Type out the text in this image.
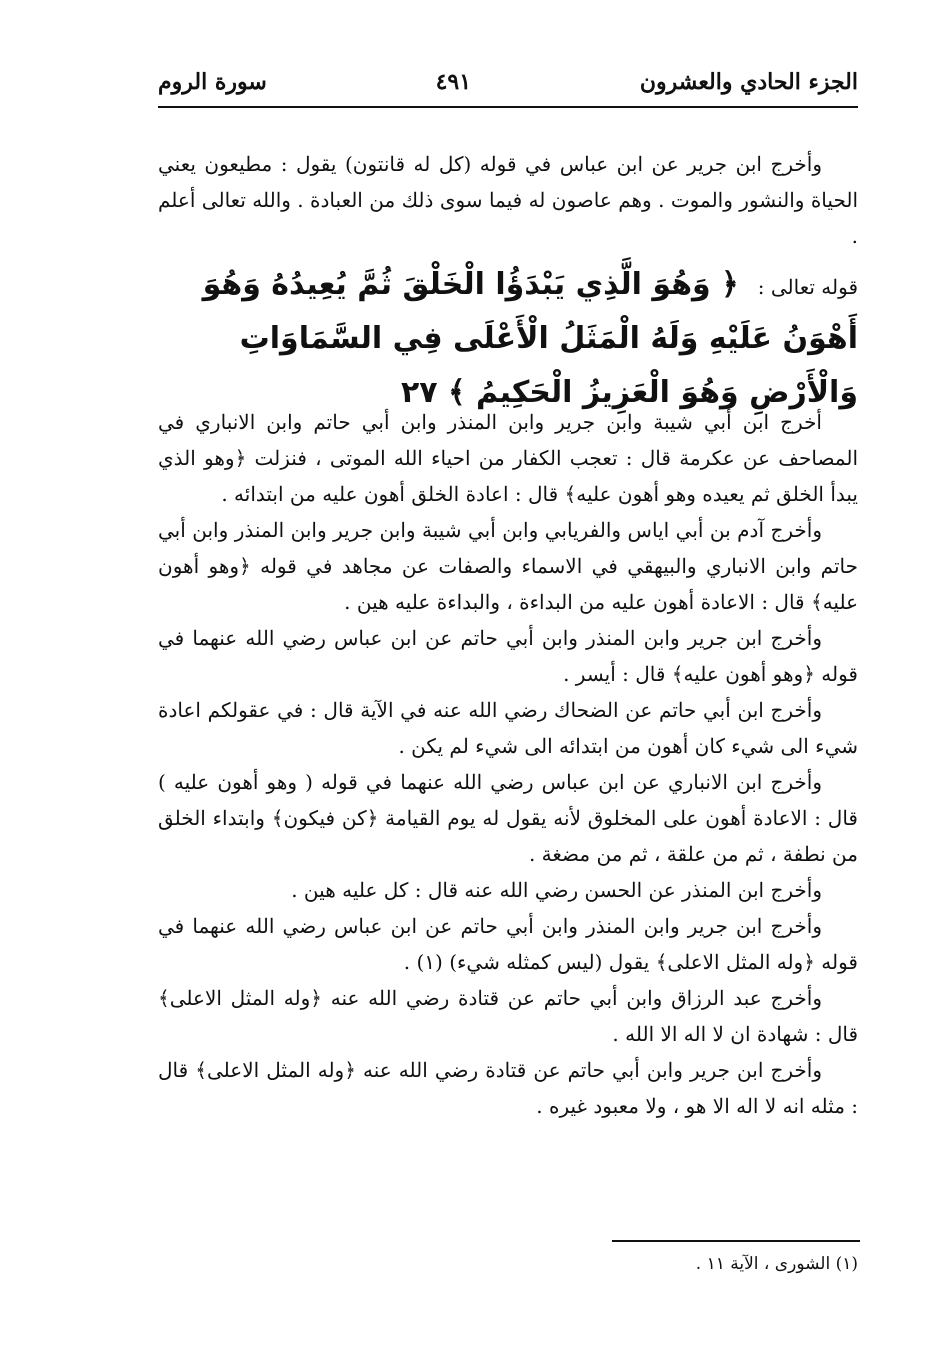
الجزء الحادي والعشرون
٤٩١
سورة الروم

وأخرج ابن جرير عن ابن عباس في قوله (كل له قانتون) يقول : مطيعون يعني الحياة والنشور والموت . وهم عاصون له فيما سوى ذلك من العبادة . والله تعالى أعلم .

قوله تعالى : ﴿ وَهُوَ الَّذِي يَبْدَؤُا الْخَلْقَ ثُمَّ يُعِيدُهُ وَهُوَ أَهْوَنُ عَلَيْهِ وَلَهُ الْمَثَلُ الْأَعْلَى فِي السَّمَاوَاتِ وَالْأَرْضِ وَهُوَ الْعَزِيزُ الْحَكِيمُ ﴾ ٢٧

أخرج ابن أبي شيبة وابن جرير وابن المنذر وابن أبي حاتم وابن الانباري في المصاحف عن عكرمة قال : تعجب الكفار من احياء الله الموتى ، فنزلت ﴿وهو الذي يبدأ الخلق ثم يعيده وهو أهون عليه﴾ قال : اعادة الخلق أهون عليه من ابتدائه .

وأخرج آدم بن أبي اياس والفريابي وابن أبي شيبة وابن جرير وابن المنذر وابن أبي حاتم وابن الانباري والبيهقي في الاسماء والصفات عن مجاهد في قوله ﴿وهو أهون عليه﴾ قال : الاعادة أهون عليه من البداءة ، والبداءة عليه هين .

وأخرج ابن جرير وابن المنذر وابن أبي حاتم عن ابن عباس رضي الله عنهما في قوله ﴿وهو أهون عليه﴾ قال : أيسر .

وأخرج ابن أبي حاتم عن الضحاك رضي الله عنه في الآية قال : في عقولكم اعادة شيء الى شيء كان أهون من ابتدائه الى شيء لم يكن .

وأخرج ابن الانباري عن ابن عباس رضي الله عنهما في قوله ( وهو أهون عليه ) قال : الاعادة أهون على المخلوق لأنه يقول له يوم القيامة ﴿كن فيكون﴾ وابتداء الخلق من نطفة ، ثم من علقة ، ثم من مضغة .

وأخرج ابن المنذر عن الحسن رضي الله عنه قال : كل عليه هين .

وأخرج ابن جرير وابن المنذر وابن أبي حاتم عن ابن عباس رضي الله عنهما في قوله ﴿وله المثل الاعلى﴾ يقول (ليس كمثله شيء) (١) .

وأخرج عبد الرزاق وابن أبي حاتم عن قتادة رضي الله عنه ﴿وله المثل الاعلى﴾ قال : شهادة ان لا اله الا الله .

وأخرج ابن جرير وابن أبي حاتم عن قتادة رضي الله عنه ﴿وله المثل الاعلى﴾ قال : مثله انه لا اله الا هو ، ولا معبود غيره .

(١) الشورى ، الآية ١١ .
